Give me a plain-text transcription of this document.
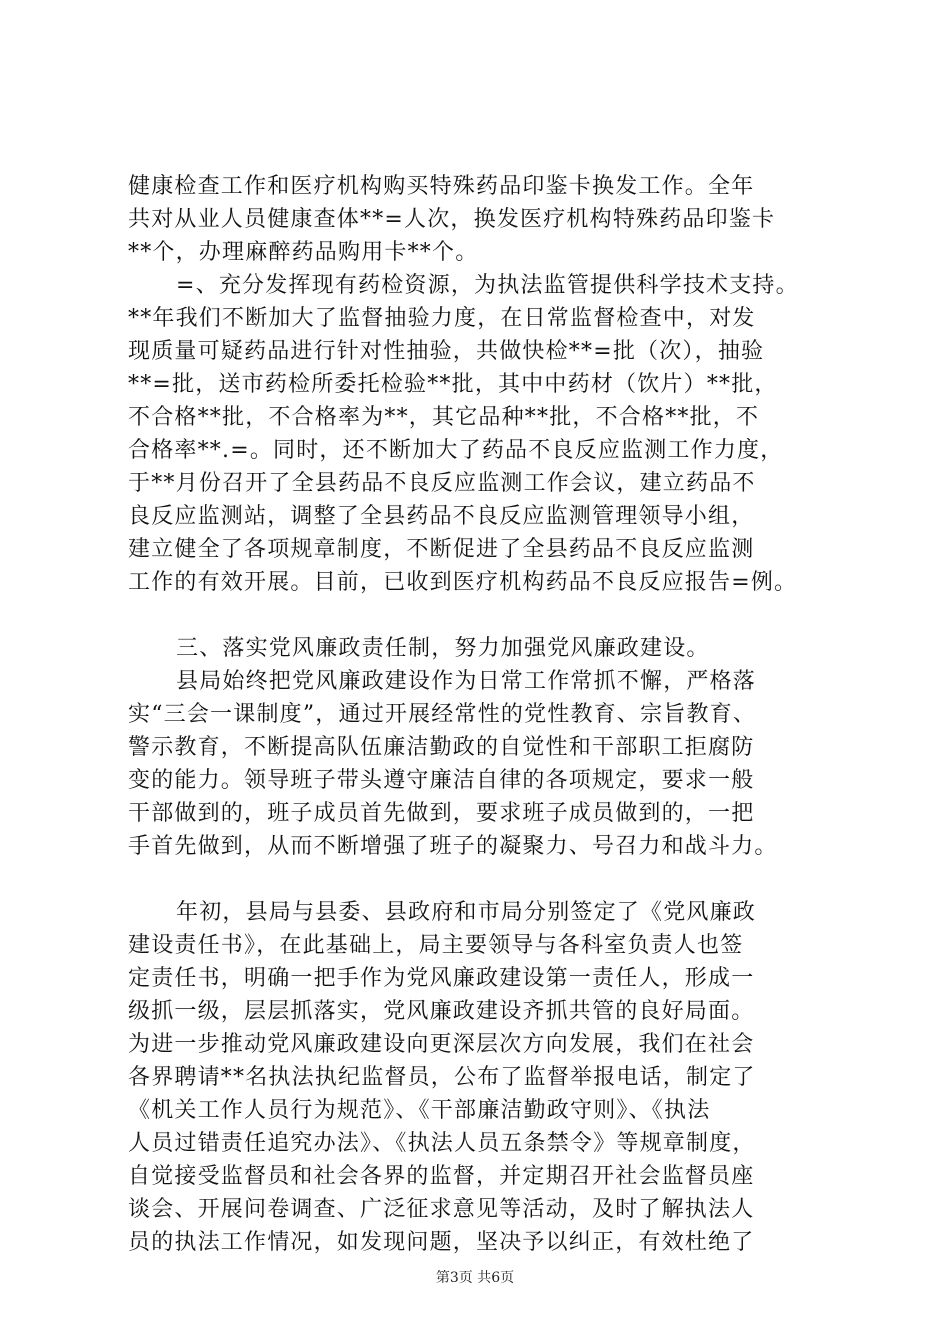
健康检查工作和医疗机构购买特殊药品印鉴卡换发工作。全年
共对从业人员健康查体**=人次，换发医疗机构特殊药品印鉴卡
**个，办理麻醉药品购用卡**个。
=、充分发挥现有药检资源，为执法监管提供科学技术支持。
**年我们不断加大了监督抽验力度，在日常监督检查中，对发
现质量可疑药品进行针对性抽验，共做快检**=批（次），抽验
**=批，送市药检所委托检验**批，其中中药材（饮片）**批，
不合格**批，不合格率为**，其它品种**批，不合格**批，不
合格率**.=。同时，还不断加大了药品不良反应监测工作力度，
于**月份召开了全县药品不良反应监测工作会议，建立药品不
良反应监测站，调整了全县药品不良反应监测管理领导小组，
建立健全了各项规章制度，不断促进了全县药品不良反应监测
工作的有效开展。目前，已收到医疗机构药品不良反应报告=例。
三、落实党风廉政责任制，努力加强党风廉政建设。
县局始终把党风廉政建设作为日常工作常抓不懈，严格落
实“三会一课制度”，通过开展经常性的党性教育、宗旨教育、
警示教育，不断提高队伍廉洁勤政的自觉性和干部职工拒腐防
变的能力。领导班子带头遵守廉洁自律的各项规定，要求一般
干部做到的，班子成员首先做到，要求班子成员做到的，一把
手首先做到，从而不断增强了班子的凝聚力、号召力和战斗力。
年初，县局与县委、县政府和市局分别签定了《党风廉政
建设责任书》，在此基础上，局主要领导与各科室负责人也签
定责任书，明确一把手作为党风廉政建设第一责任人，形成一
级抓一级，层层抓落实，党风廉政建设齐抓共管的良好局面。
为进一步推动党风廉政建设向更深层次方向发展，我们在社会
各界聘请**名执法执纪监督员，公布了监督举报电话，制定了
《机关工作人员行为规范》、《干部廉洁勤政守则》、《执法
人员过错责任追究办法》、《执法人员五条禁令》等规章制度，
自觉接受监督员和社会各界的监督，并定期召开社会监督员座
谈会、开展问卷调查、广泛征求意见等活动，及时了解执法人
员的执法工作情况，如发现问题，坚决予以纠正，有效杜绝了
第3页 共6页
